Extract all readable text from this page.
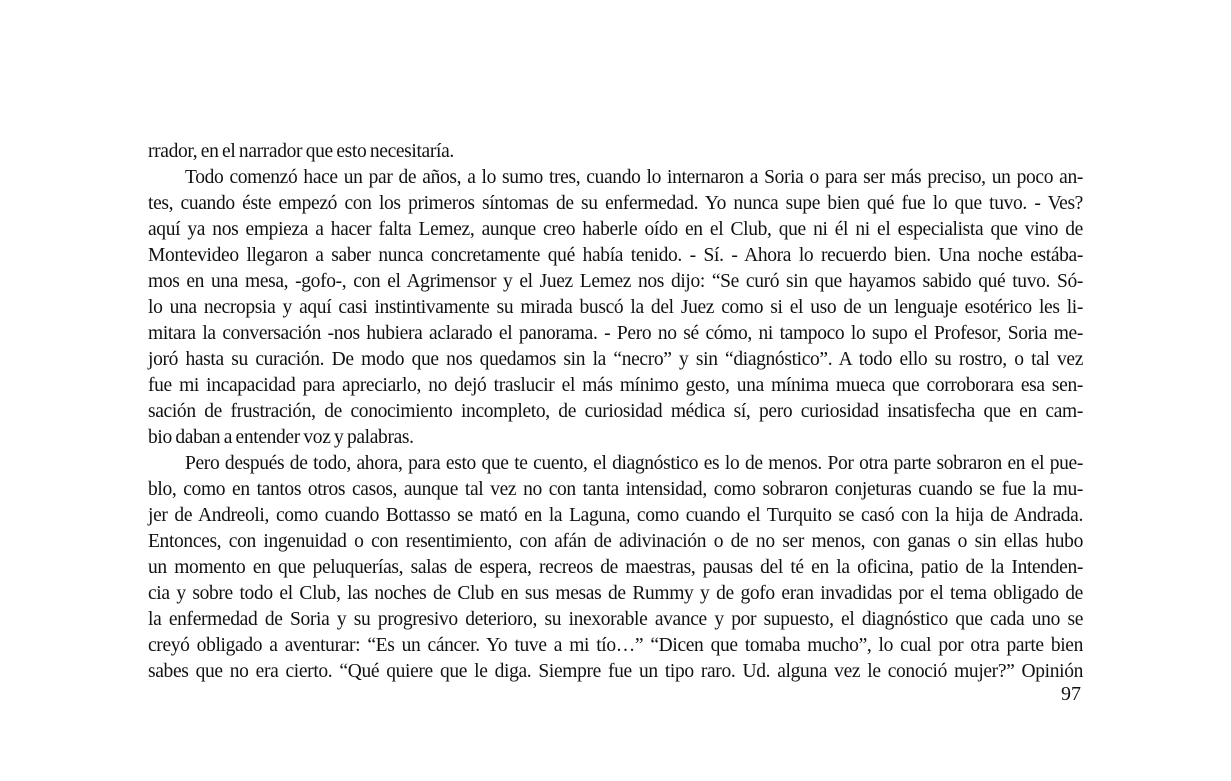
rrador, en el narrador que esto necesitaría.
Todo comenzó hace un par de años, a lo sumo tres, cuando lo internaron a Soria o para ser más preciso, un poco an-
tes, cuando éste empezó con los primeros síntomas de su enfermedad. Yo nunca supe bien qué fue lo que tuvo. - Ves?
aquí ya nos empieza a hacer falta Lemez, aunque creo haberle oído en el Club, que ni él ni el especialista que vino de
Montevideo llegaron a saber nunca concretamente qué había tenido. - Sí. - Ahora lo recuerdo bien. Una noche estába-
mos en una mesa, -gofo-, con el Agrimensor y el Juez Lemez nos dijo: “Se curó sin que hayamos sabido qué tuvo. Só-
lo una necropsia y aquí casi instintivamente su mirada buscó la del Juez como si el uso de un lenguaje esotérico les li-
mitara la conversación -nos hubiera aclarado el panorama. - Pero no sé cómo, ni tampoco lo supo el Profesor, Soria me-
joró hasta su curación. De modo que nos quedamos sin la “necro” y sin “diagnóstico”. A todo ello su rostro, o tal vez
fue mi incapacidad para apreciarlo, no dejó traslucir el más mínimo gesto, una mínima mueca que corroborara esa sen-
sación de frustración, de conocimiento incompleto, de curiosidad médica sí, pero curiosidad insatisfecha que en cam-
bio daban a entender voz y palabras.
Pero después de todo, ahora, para esto que te cuento, el diagnóstico es lo de menos. Por otra parte sobraron en el pue-
blo, como en tantos otros casos, aunque tal vez no con tanta intensidad, como sobraron conjeturas cuando se fue la mu-
jer de Andreoli, como cuando Bottasso se mató en la Laguna, como cuando el Turquito se casó con la hija de Andrada.
Entonces, con ingenuidad o con resentimiento, con afán de adivinación o de no ser menos, con ganas o sin ellas hubo
un momento en que peluquerías, salas de espera, recreos de maestras, pausas del té en la oficina, patio de la Intenden-
cia y sobre todo el Club, las noches de Club en sus mesas de Rummy y de gofo eran invadidas por el tema obligado de
la enfermedad de Soria y su progresivo deterioro, su inexorable avance y por supuesto, el diagnóstico que cada uno se
creyó obligado a aventurar: “Es un cáncer. Yo tuve a mi tío…” “Dicen que tomaba mucho”, lo cual por otra parte bien
sabes que no era cierto. “Qué quiere que le diga. Siempre fue un tipo raro. Ud. alguna vez le conoció mujer?” Opinión
97
